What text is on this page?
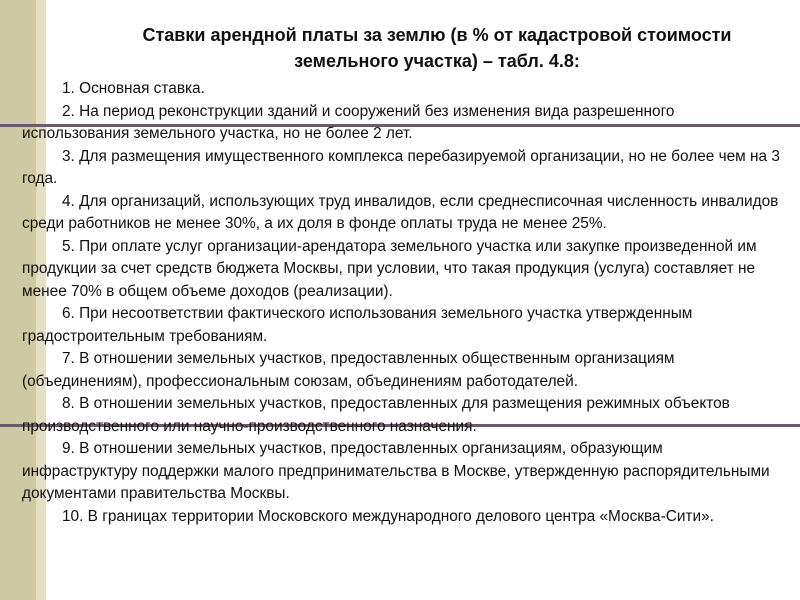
Ставки арендной платы за землю (в % от кадастровой стоимости
земельного участка) – табл. 4.8:

1. Основная ставка.

2. На период реконструкции зданий и сооружений без изменения вида разрешенного использования земельного участка, но не более 2 лет.

3. Для размещения имущественного комплекса перебазируемой организации, но не более чем на 3 года.

4. Для организаций, использующих труд инвалидов, если среднесписочная численность инвалидов среди работников не менее 30%, а их доля в фонде оплаты труда не менее 25%.

5. При оплате услуг организации-арендатора земельного участка или закупке произведенной им продукции за счет средств бюджета Москвы, при условии, что такая продукция (услуга) составляет не менее 70% в общем объеме доходов (реализации).

6. При несоответствии фактического использования земельного участка утвержденным градостроительным требованиям.

7. В отношении земельных участков, предоставленных общественным организациям (объединениям), профессиональным союзам, объединениям работодателей.

8. В отношении земельных участков, предоставленных для размещения режимных объектов производственного или научно-производственного назначения.

9. В отношении земельных участков, предоставленных организациям, образующим инфраструктуру поддержки малого предпринимательства в Москве, утвержденную распорядительными документами правительства Москвы.

10. В границах территории Московского международного делового центра «Москва-Сити».
